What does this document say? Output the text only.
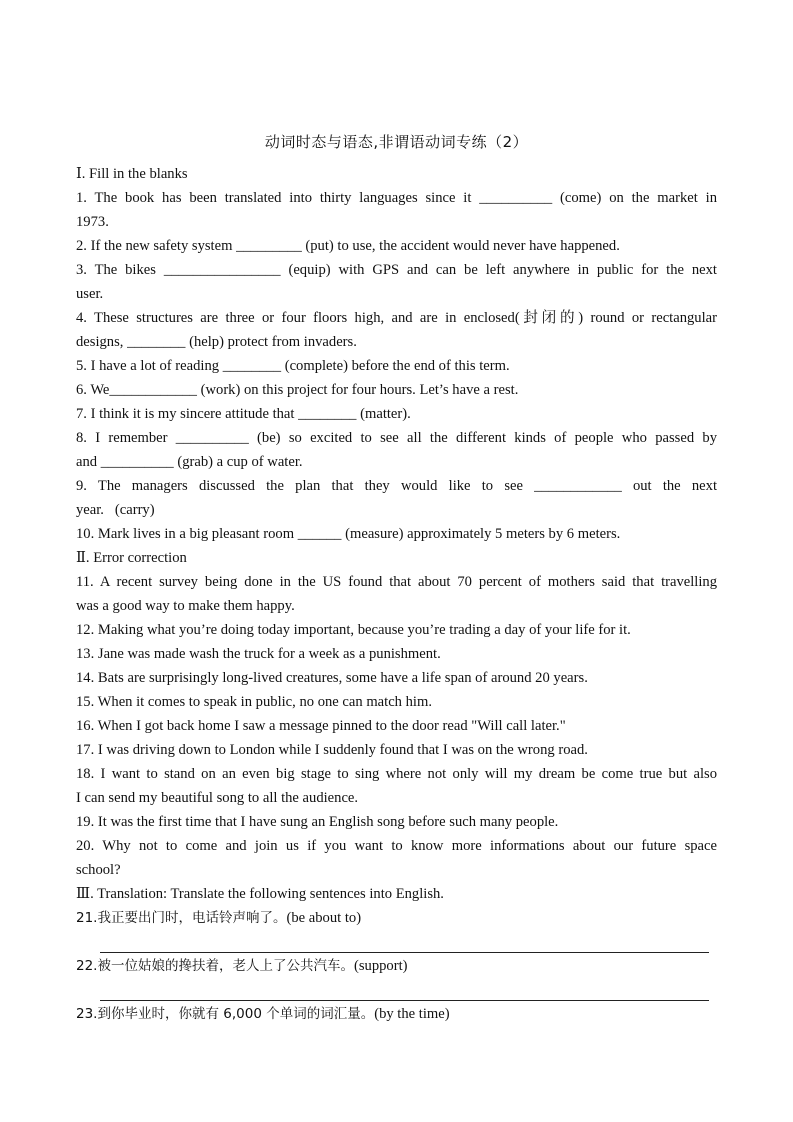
动词时态与语态,非谓语动词专练（2）
Ⅰ. Fill in the blanks
1. The book has been translated into thirty languages since it __________ (come) on the market in
1973.
2. If the new safety system _________ (put) to use, the accident would never have happened.
3. The bikes ________________ (equip) with GPS and can be left anywhere in public for the next
user.
4. These structures are three or four floors high, and are in enclosed(封闭的) round or rectangular
designs, ________ (help) protect from invaders.
5. I have a lot of reading ________ (complete) before the end of this term.
6. We____________ (work) on this project for four hours. Let’s have a rest.
7. I think it is my sincere attitude that ________ (matter).
8. I remember __________ (be) so excited to see all the different kinds of people who passed by
and __________ (grab) a cup of water.
9. The managers discussed the plan that they would like to see ____________ out the next
year.   (carry)
10. Mark lives in a big pleasant room ______ (measure) approximately 5 meters by 6 meters.
Ⅱ. Error correction
11. A recent survey being done in the US found that about 70 percent of mothers said that travelling
was a good way to make them happy.
12. Making what you’re doing today important, because you’re trading a day of your life for it.
13. Jane was made wash the truck for a week as a punishment.
14. Bats are surprisingly long-lived creatures, some have a life span of around 20 years.
15. When it comes to speak in public, no one can match him.
16. When I got back home I saw a message pinned to the door read "Will call later."
17. I was driving down to London while I suddenly found that I was on the wrong road.
18. I want to stand on an even big stage to sing where not only will my dream be come true but also
I can send my beautiful song to all the audience.
19. It was the first time that I have sung an English song before such many people.
20. Why not to come and join us if you want to know more informations about our future space
school?
Ⅲ. Translation: Translate the following sentences into English.
21.我正要出门时，电话铃声响了。(be about to)
22.被一位姑娘的搀扶着，老人上了公共汽车。(support)
23.到你毕业时，你就有 6,000 个单词的词汇量。(by the time)
